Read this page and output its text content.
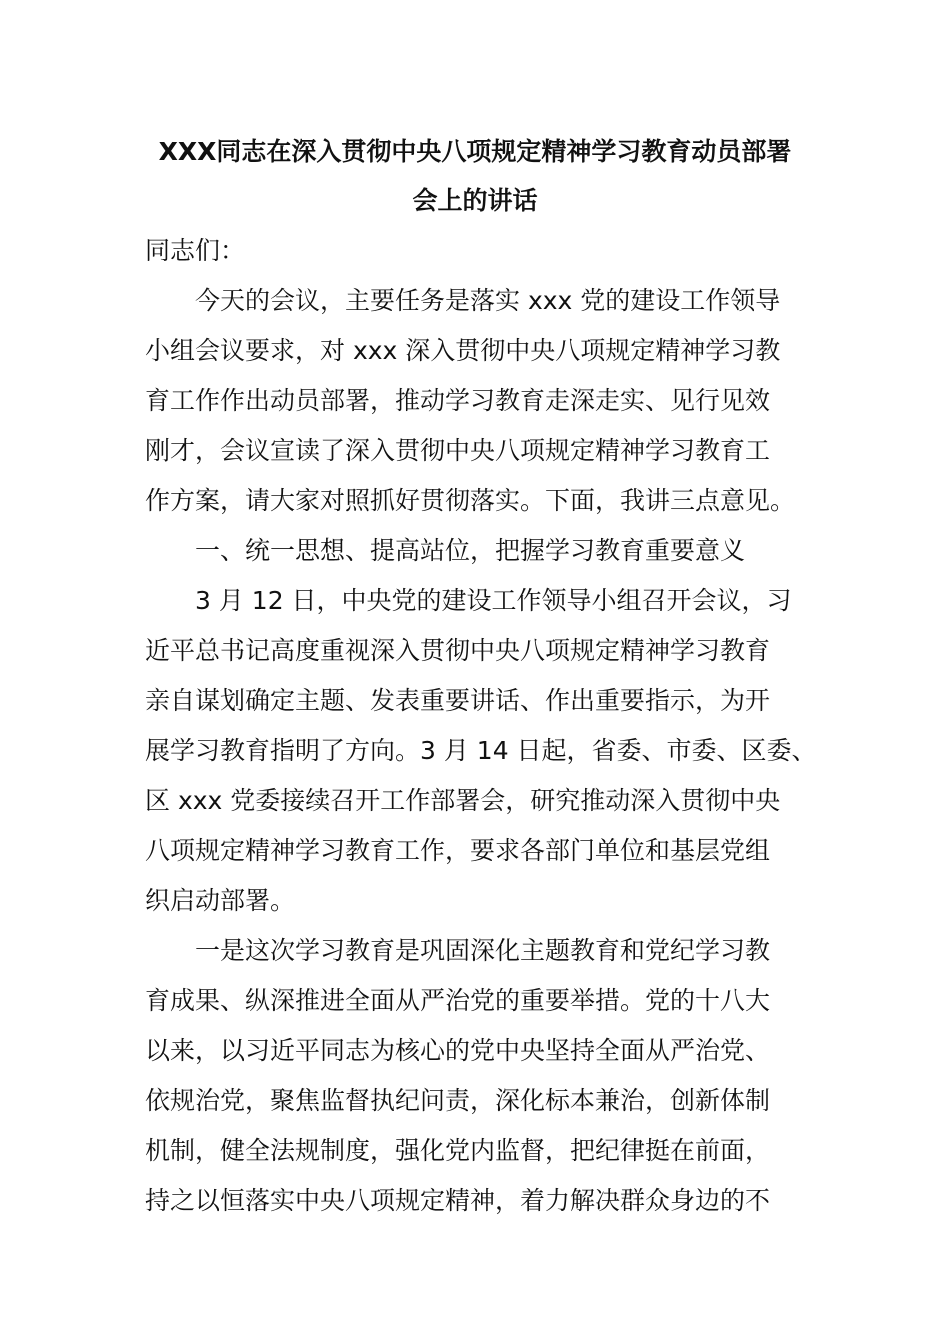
XXX同志在深入贯彻中央八项规定精神学习教育动员部署
会上的讲话
同志们：
今天的会议，主要任务是落实 xxx 党的建设工作领导
小组会议要求，对 xxx 深入贯彻中央八项规定精神学习教
育工作作出动员部署，推动学习教育走深走实、见行见效
刚才，会议宣读了深入贯彻中央八项规定精神学习教育工
作方案，请大家对照抓好贯彻落实。下面，我讲三点意见。
一、统一思想、提高站位，把握学习教育重要意义
3 月 12 日，中央党的建设工作领导小组召开会议，习
近平总书记高度重视深入贯彻中央八项规定精神学习教育
亲自谋划确定主题、发表重要讲话、作出重要指示，为开
展学习教育指明了方向。3 月 14 日起，省委、市委、区委、
区 xxx 党委接续召开工作部署会，研究推动深入贯彻中央
八项规定精神学习教育工作，要求各部门单位和基层党组
织启动部署。
一是这次学习教育是巩固深化主题教育和党纪学习教
育成果、纵深推进全面从严治党的重要举措。党的十八大
以来，以习近平同志为核心的党中央坚持全面从严治党、
依规治党，聚焦监督执纪问责，深化标本兼治，创新体制
机制，健全法规制度，强化党内监督，把纪律挺在前面，
持之以恒落实中央八项规定精神，着力解决群众身边的不
